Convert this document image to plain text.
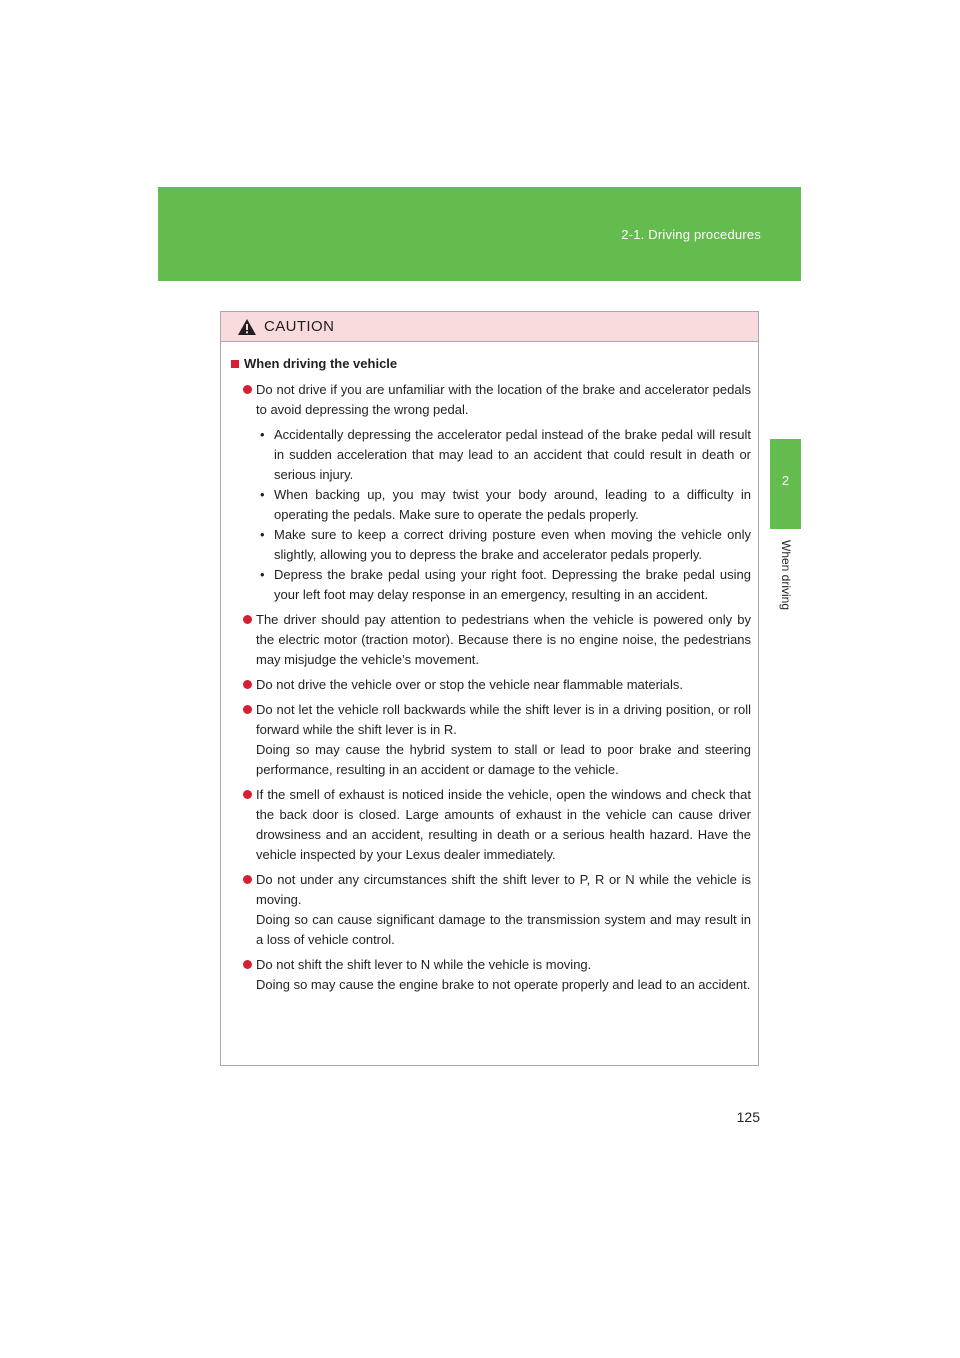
2-1. Driving procedures
2
When driving
CAUTION
When driving the vehicle

Do not drive if you are unfamiliar with the location of the brake and accelerator pedals to avoid depressing the wrong pedal.

• Accidentally depressing the accelerator pedal instead of the brake pedal will result in sudden acceleration that may lead to an accident that could result in death or serious injury.
• When backing up, you may twist your body around, leading to a difficulty in operating the pedals. Make sure to operate the pedals properly.
• Make sure to keep a correct driving posture even when moving the vehicle only slightly, allowing you to depress the brake and accelerator pedals properly.
• Depress the brake pedal using your right foot. Depressing the brake pedal using your left foot may delay response in an emergency, resulting in an accident.

The driver should pay attention to pedestrians when the vehicle is powered only by the electric motor (traction motor). Because there is no engine noise, the pedestrians may misjudge the vehicle’s movement.

Do not drive the vehicle over or stop the vehicle near flammable materials.

Do not let the vehicle roll backwards while the shift lever is in a driving position, or roll forward while the shift lever is in R.

Doing so may cause the hybrid system to stall or lead to poor brake and steering performance, resulting in an accident or damage to the vehicle.

If the smell of exhaust is noticed inside the vehicle, open the windows and check that the back door is closed. Large amounts of exhaust in the vehicle can cause driver drowsiness and an accident, resulting in death or a serious health hazard. Have the vehicle inspected by your Lexus dealer immediately.

Do not under any circumstances shift the shift lever to P, R or N while the vehicle is moving.

Doing so can cause significant damage to the transmission system and may result in a loss of vehicle control.

Do not shift the shift lever to N while the vehicle is moving.

Doing so may cause the engine brake to not operate properly and lead to an accident.

125
